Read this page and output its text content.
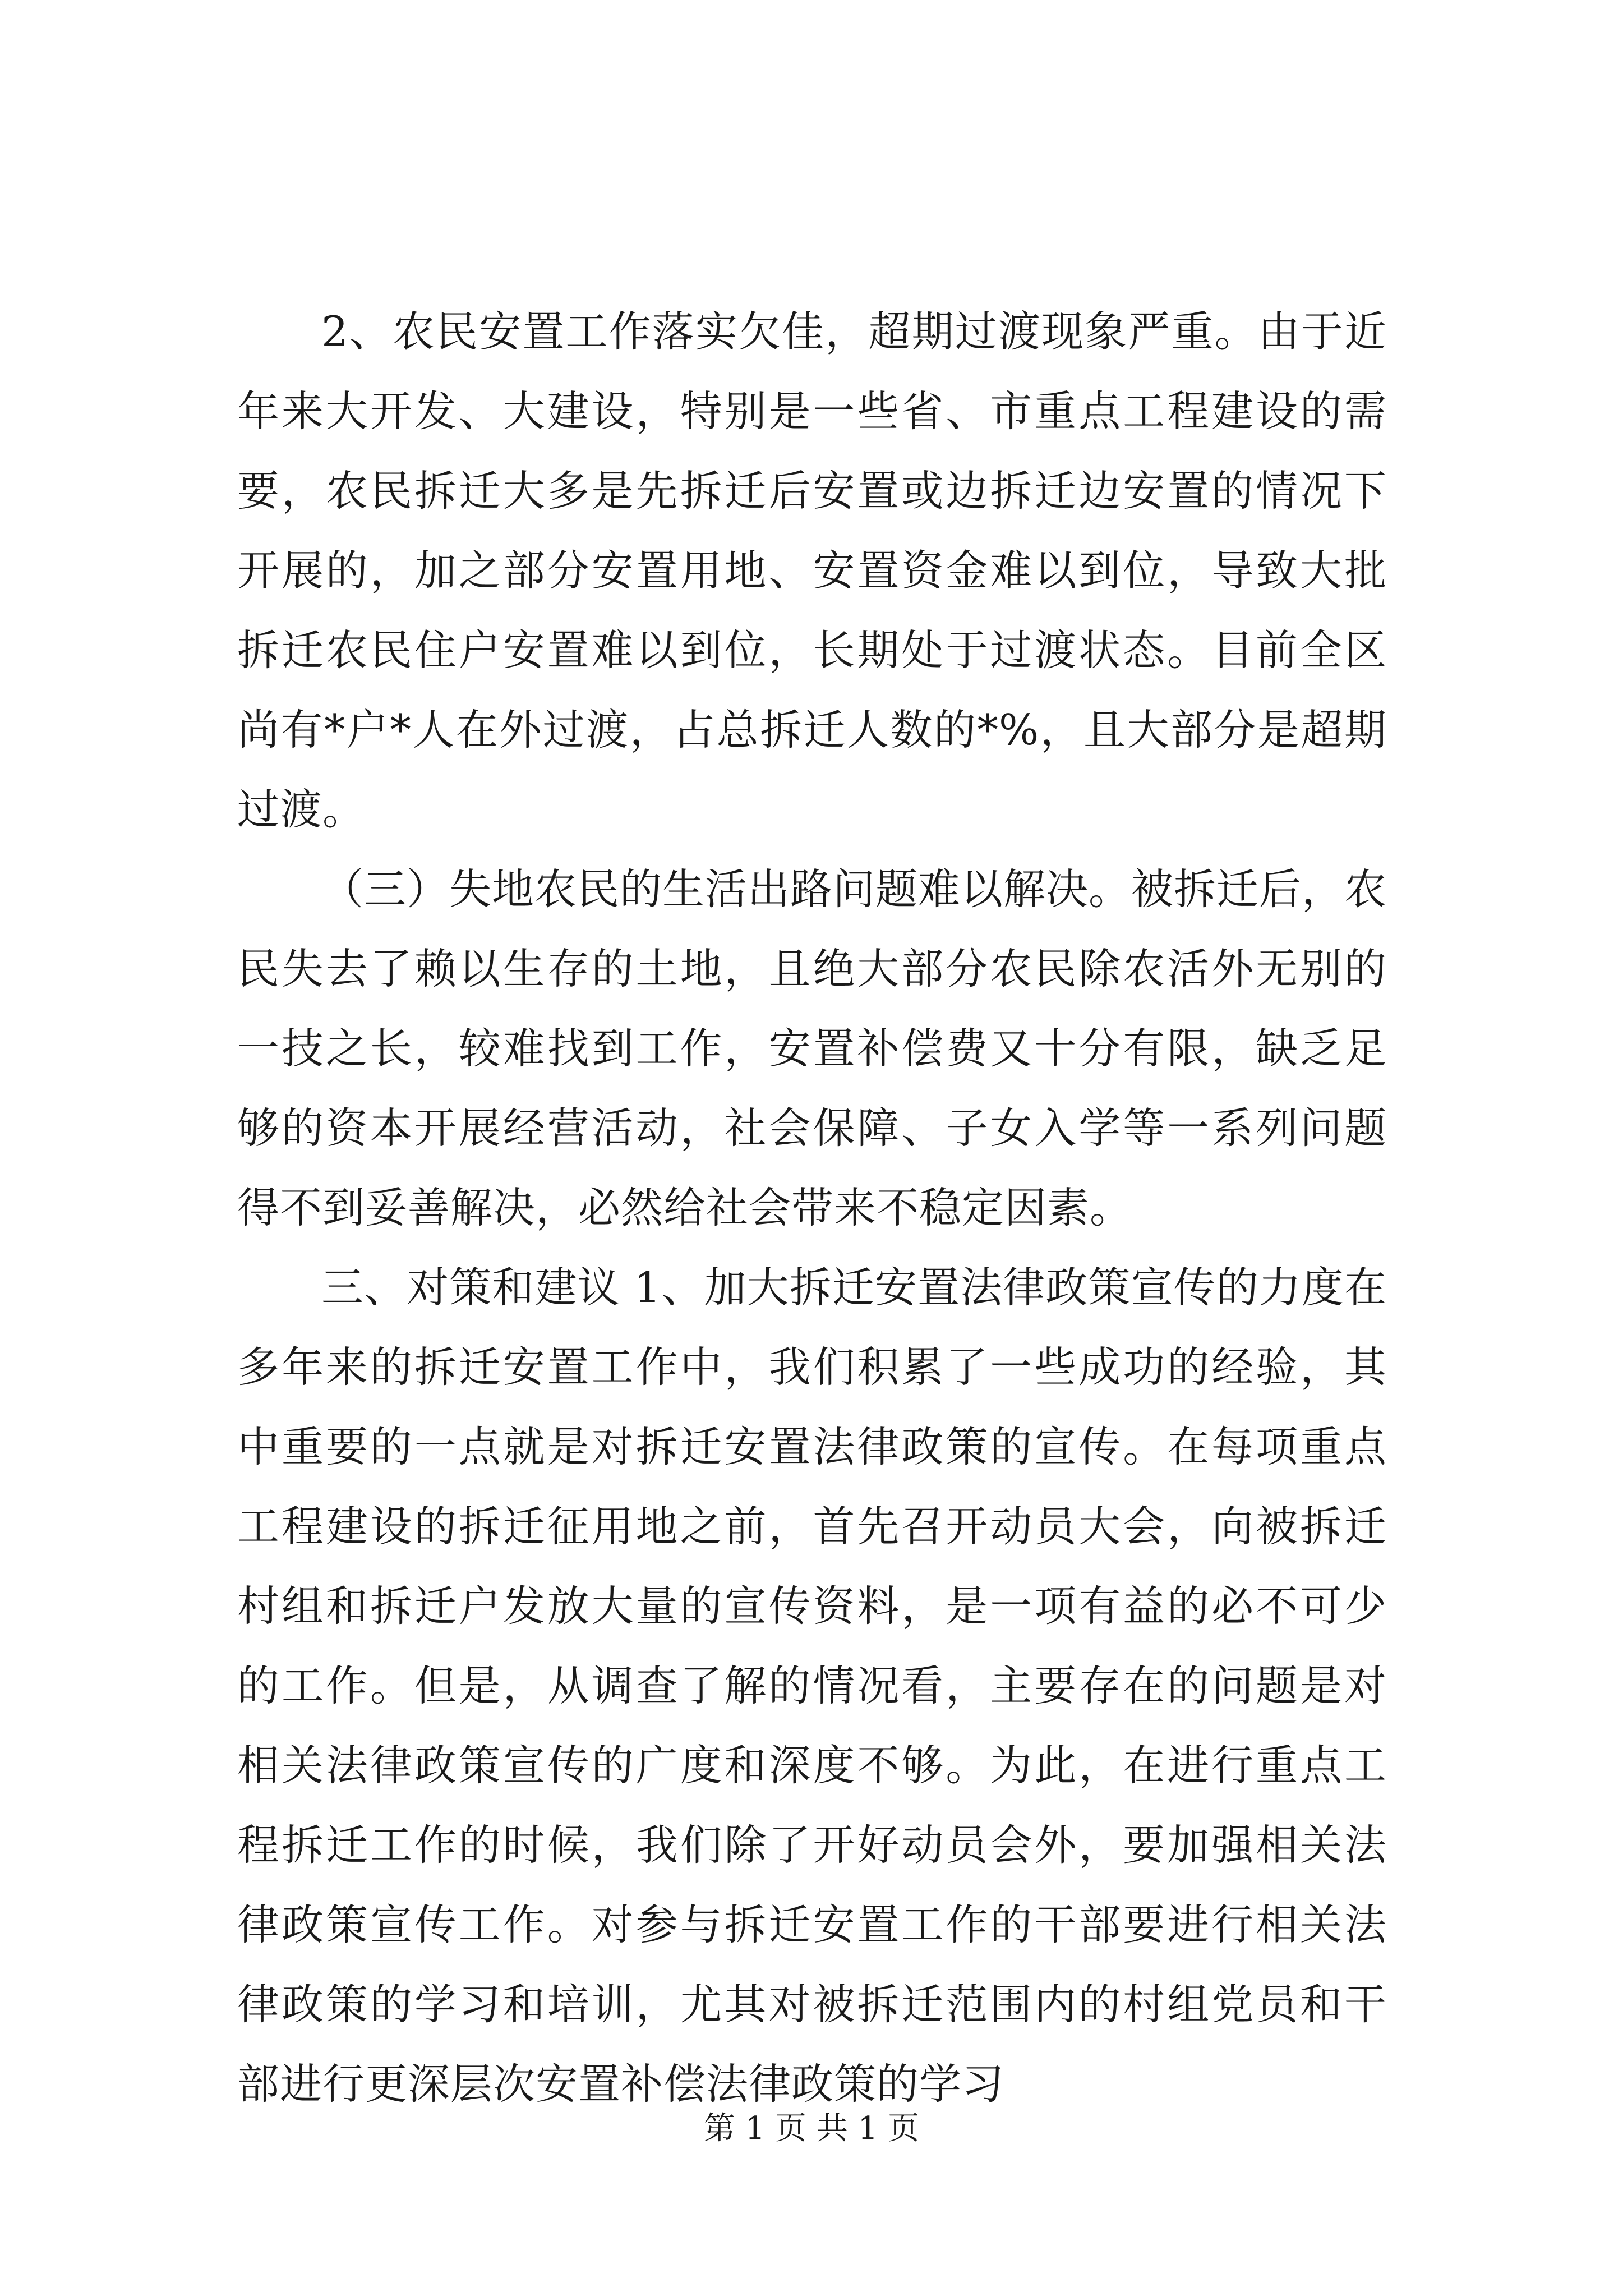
2、农民安置工作落实欠佳，超期过渡现象严重。由于近年来大开发、大建设，特别是一些省、市重点工程建设的需要，农民拆迁大多是先拆迁后安置或边拆迁边安置的情况下开展的，加之部分安置用地、安置资金难以到位，导致大批拆迁农民住户安置难以到位，长期处于过渡状态。目前全区尚有*户*人在外过渡，占总拆迁人数的*%，且大部分是超期过渡。

（三）失地农民的生活出路问题难以解决。被拆迁后，农民失去了赖以生存的土地，且绝大部分农民除农活外无别的一技之长，较难找到工作，安置补偿费又十分有限，缺乏足够的资本开展经营活动，社会保障、子女入学等一系列问题得不到妥善解决，必然给社会带来不稳定因素。

三、对策和建议 1、加大拆迁安置法律政策宣传的力度在多年来的拆迁安置工作中，我们积累了一些成功的经验，其中重要的一点就是对拆迁安置法律政策的宣传。在每项重点工程建设的拆迁征用地之前，首先召开动员大会，向被拆迁村组和拆迁户发放大量的宣传资料，是一项有益的必不可少的工作。但是，从调查了解的情况看，主要存在的问题是对相关法律政策宣传的广度和深度不够。为此，在进行重点工程拆迁工作的时候，我们除了开好动员会外，要加强相关法律政策宣传工作。对参与拆迁安置工作的干部要进行相关法律政策的学习和培训，尤其对被拆迁范围内的村组党员和干部进行更深层次安置补偿法律政策的学习

第 1 页 共 1 页
